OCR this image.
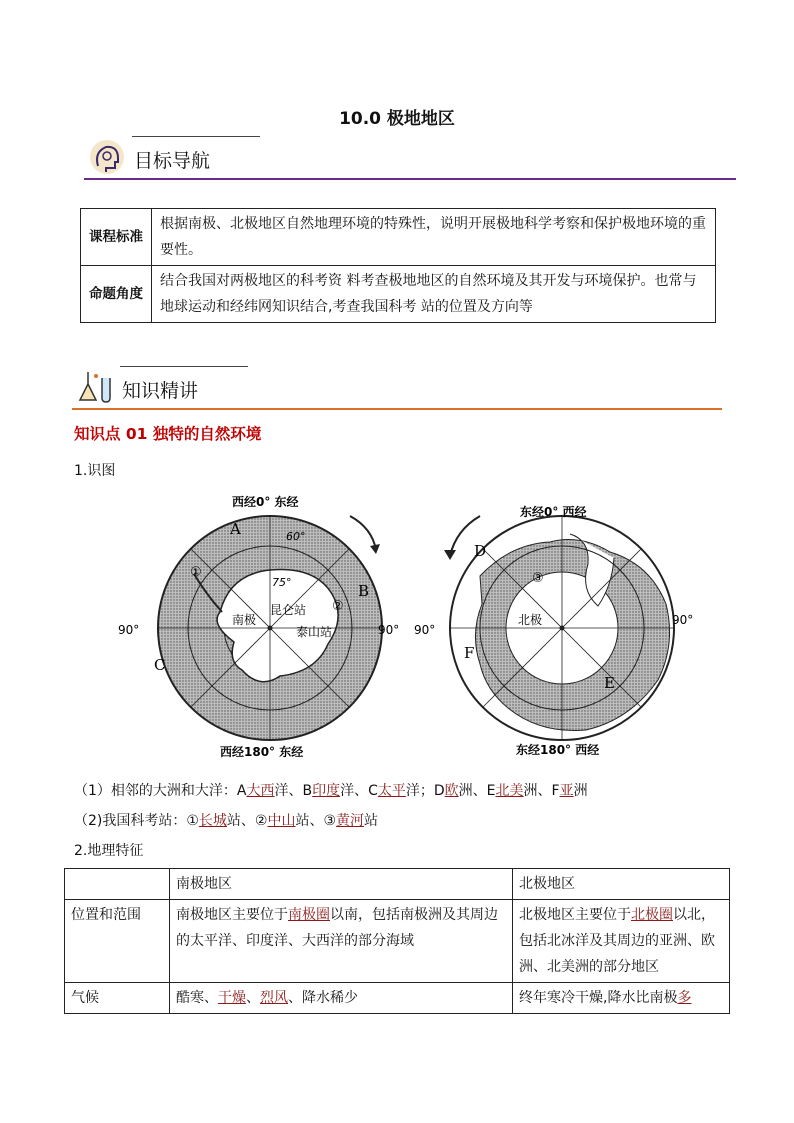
10.0 极地地区
目标导航
课程标准	根据南极、北极地区自然地理环境的特殊性，说明开展极地科学考察和保护极地环境的重要性。
命题角度	结合我国对两极地区的科考资 料考查极地地区的自然环境及其开发与环境保护。也常与地球运动和经纬网知识结合,考查我国科考 站的位置及方向等
知识精讲
知识点 01 独特的自然环境
1.识图
西经0° 东经
西经180° 东经
90°	90°
60°
75°
南极
昆仑站
泰山站
A
B
C
①
②
东经0° 西经
东经180° 西经
90°
90°
北极
D
E
F
③
（1）相邻的大洲和大洋：A大西洋、B印度洋、C太平洋；D欧洲、E北美洲、F亚洲
（2)我国科考站：①长城站、②中山站、③黄河站
2.地理特征
	南极地区	北极地区
位置和范围	南极地区主要位于南极圈以南，包括南极洲及其周边的太平洋、印度洋、大西洋的部分海域	北极地区主要位于北极圈以北，包括北冰洋及其周边的亚洲、欧洲、北美洲的部分地区
气候	酷寒、干燥、烈风、降水稀少	终年寒冷干燥,降水比南极多
